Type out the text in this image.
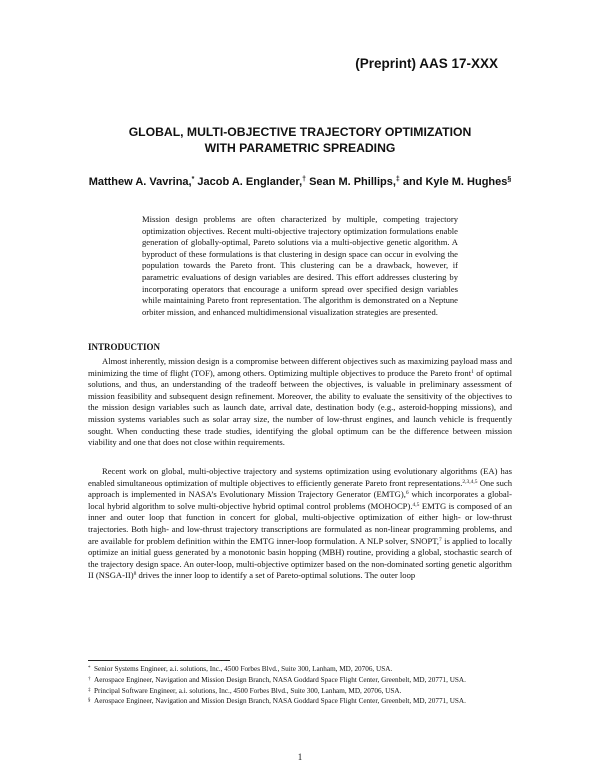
(Preprint) AAS 17-XXX
GLOBAL, MULTI-OBJECTIVE TRAJECTORY OPTIMIZATION
WITH PARAMETRIC SPREADING
Matthew A. Vavrina,* Jacob A. Englander,† Sean M. Phillips,‡ and Kyle M. Hughes§
Mission design problems are often characterized by multiple, competing trajectory optimization objectives. Recent multi-objective trajectory optimization formulations enable generation of globally-optimal, Pareto solutions via a multi-objective genetic algorithm. A byproduct of these formulations is that clustering in design space can occur in evolving the population towards the Pareto front. This clustering can be a drawback, however, if parametric evaluations of design variables are desired. This effort addresses clustering by incorporating operators that encourage a uniform spread over specified design variables while maintaining Pareto front representation. The algorithm is demonstrated on a Neptune orbiter mission, and enhanced multidimensional visualization strategies are presented.
INTRODUCTION
Almost inherently, mission design is a compromise between different objectives such as maximizing payload mass and minimizing the time of flight (TOF), among others. Optimizing multiple objectives to produce the Pareto front$^1$ of optimal solutions, and thus, an understanding of the tradeoff between the objectives, is valuable in preliminary assessment of mission feasibility and subsequent design refinement. Moreover, the ability to evaluate the sensitivity of the objectives to the mission design variables such as launch date, arrival date, destination body (e.g., asteroid-hopping missions), and mission systems variables such as solar array size, the number of low-thrust engines, and launch vehicle is frequently sought. When conducting these trade studies, identifying the global optimum can be the difference between mission viability and one that does not close within requirements.
Recent work on global, multi-objective trajectory and systems optimization using evolutionary algorithms (EA) has enabled simultaneous optimization of multiple objectives to efficiently generate Pareto front representations.$^{2,3,4,5}$ One such approach is implemented in NASA’s Evolutionary Mission Trajectory Generator (EMTG),$^6$ which incorporates a global-local hybrid algorithm to solve multi-objective hybrid optimal control problems (MOHOCP).$^{4,5}$ EMTG is composed of an inner and outer loop that function in concert for global, multi-objective optimization of either high- or low-thrust trajectories. Both high- and low-thrust trajectory transcriptions are formulated as non-linear programming problems, and are available for problem definition within the EMTG inner-loop formulation. A NLP solver, SNOPT,$^7$ is applied to locally optimize an initial guess generated by a monotonic basin hopping (MBH) routine, providing a global, stochastic search of the trajectory design space. An outer-loop, multi-objective optimizer based on the non-dominated sorting genetic algorithm II (NSGA-II)$^8$ drives the inner loop to identify a set of Pareto-optimal solutions. The outer loop
* Senior Systems Engineer, a.i. solutions, Inc., 4500 Forbes Blvd., Suite 300, Lanham, MD, 20706, USA.
† Aerospace Engineer, Navigation and Mission Design Branch, NASA Goddard Space Flight Center, Greenbelt, MD, 20771, USA.
‡ Principal Software Engineer, a.i. solutions, Inc., 4500 Forbes Blvd., Suite 300, Lanham, MD, 20706, USA.
§ Aerospace Engineer, Navigation and Mission Design Branch, NASA Goddard Space Flight Center, Greenbelt, MD, 20771, USA.
1
